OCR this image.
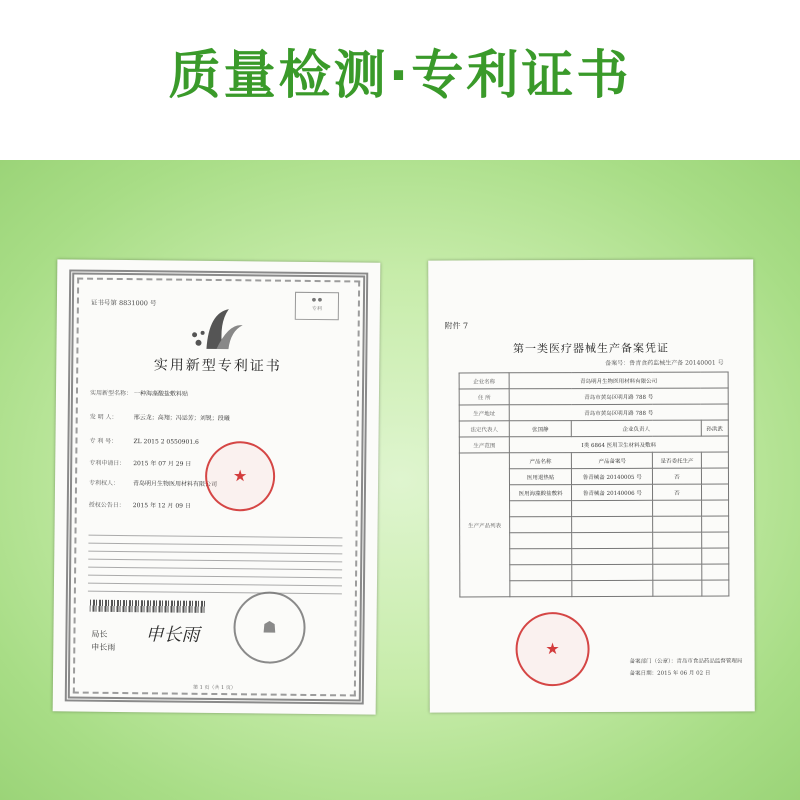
质量检测·专利证书
证书号第 8831000 号	● ●
专利
实用新型专利证书
实用新型名称： 一种海藻酸盐敷料贴
发 明 人：	邢云龙；高翔；冯运芳；刘锐；段曦
专 利 号：	ZL 2015 2 0550901.6
专利申请日： 2015 年 07 月 29 日
专利权人： 青岛明月生物医用材料有限公司
授权公告日： 2015 年 12 月 09 日
★
☗
局长
申长雨
申长雨
第 1 页（共 1 页）
附件 7
第一类医疗器械生产备案凭证
备案号：鲁青食药监械生产备 20140001 号
企业名称	青岛明月生物医用材料有限公司			
住 所	青岛市黄岛区明月路 788 号			
生产地址	青岛市黄岛区明月路 788 号			
法定代表人	张国静	企业负责人		孙洪武
生产范围	Ⅰ类 6864 医用卫生材料及敷料			
生产产品列表	产品名称	产品备案号	是否委托生产	
	医用退热贴	鲁青械备 20140005 号	否	
	医用海藻酸盐敷料	鲁青械备 20140006 号	否	

★
备案部门（公章）：青岛市食品药品监督管理局
备案日期：2015 年 06 月 02 日
